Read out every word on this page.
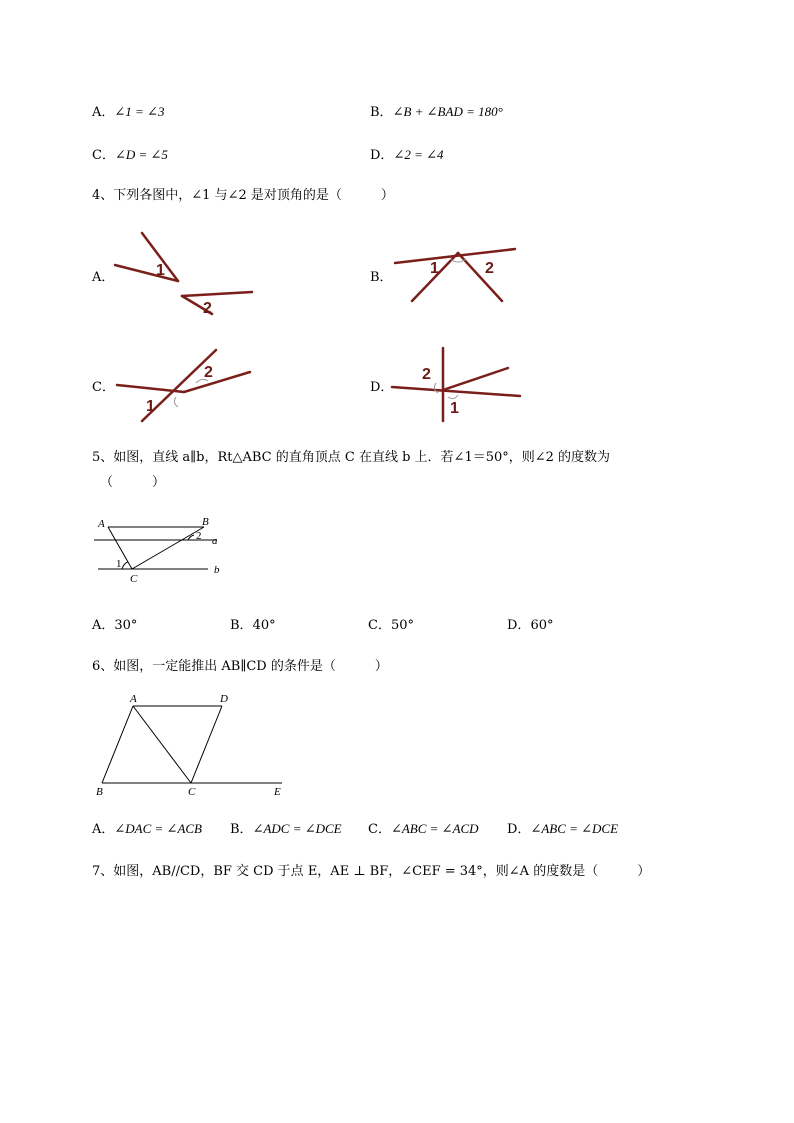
A．∠1 = ∠3	B．∠B + ∠BAD = 180°
C．∠D = ∠5	D．∠2 = ∠4
4、下列各图中，∠1 与∠2 是对顶角的是（　　　）
A．	1
2
B．
1	2
C．
2
1
D．
2
1
5、如图，直线 a∥b，Rt△ABC 的直角顶点 C 在直线 b 上．若∠1＝50°，则∠2 的度数为
（　　　）
A	B
C
a
b
1
2
A．30°	B．40°	C．50°	D．60°
6、如图，一定能推出 AB∥CD 的条件是（　　　）
A	D
B	C	E
A．∠DAC = ∠ACB B．∠ADC = ∠DCE C．∠ABC = ∠ACD D．∠ABC = ∠DCE
7、如图，AB//CD，BF 交 CD 于点 E，AE ⊥ BF，∠CEF = 34°，则∠A 的度数是（　　　）
